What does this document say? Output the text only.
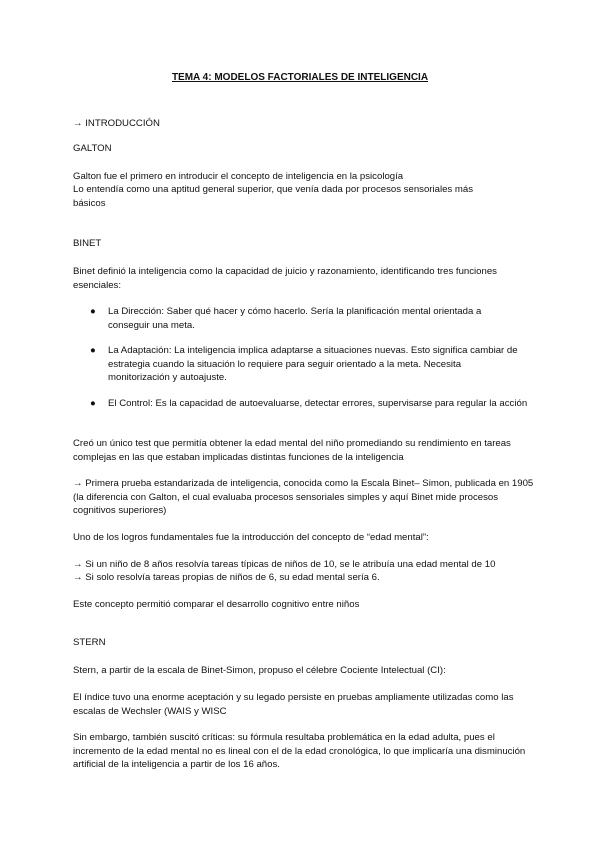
TEMA 4: MODELOS FACTORIALES DE INTELIGENCIA

→ INTRODUCCIÓN

GALTON

Galton fue el primero en introducir el concepto de inteligencia en la psicología

Lo entendía como una aptitud general superior, que venía dada por procesos sensoriales más básicos

BINET

Binet definió la inteligencia como la capacidad de juicio y razonamiento, identificando tres funciones esenciales:

●	La Dirección: Saber qué hacer y cómo hacerlo. Sería la planificación mental orientada a conseguir una meta.

●	La Adaptación: La inteligencia implica adaptarse a situaciones nuevas. Esto significa cambiar de estrategia cuando la situación lo requiere para seguir orientado a la meta. Necesita monitorización y autoajuste.

●	El Control: Es la capacidad de autoevaluarse, detectar errores, supervisarse para regular la acción

Creó un único test que permitía obtener la edad mental del niño promediando su rendimiento en tareas complejas en las que estaban implicadas distintas funciones de la inteligencia

→ Primera prueba estandarizada de inteligencia, conocida como la Escala Binet– Simon, publicada en 1905 (la diferencia con Galton, el cual evaluaba procesos sensoriales simples y aquí Binet mide procesos cognitivos superiores)

Uno de los logros fundamentales fue la introducción del concepto de “edad mental”:

→ Si un niño de 8 años resolvía tareas típicas de niños de 10, se le atribuía una edad mental de 10

→ Si solo resolvía tareas propias de niños de 6, su edad mental sería 6.

Este concepto permitió comparar el desarrollo cognitivo entre niños

STERN

Stern, a partir de la escala de Binet-Simon, propuso el célebre Cociente Intelectual (CI):

El índice tuvo una enorme aceptación y su legado persiste en pruebas ampliamente utilizadas como las escalas de Wechsler (WAIS y WISC

Sin embargo, también suscitó críticas: su fórmula resultaba problemática en la edad adulta, pues el incremento de la edad mental no es lineal con el de la edad cronológica, lo que implicaría una disminución artificial de la inteligencia a partir de los 16 años.
